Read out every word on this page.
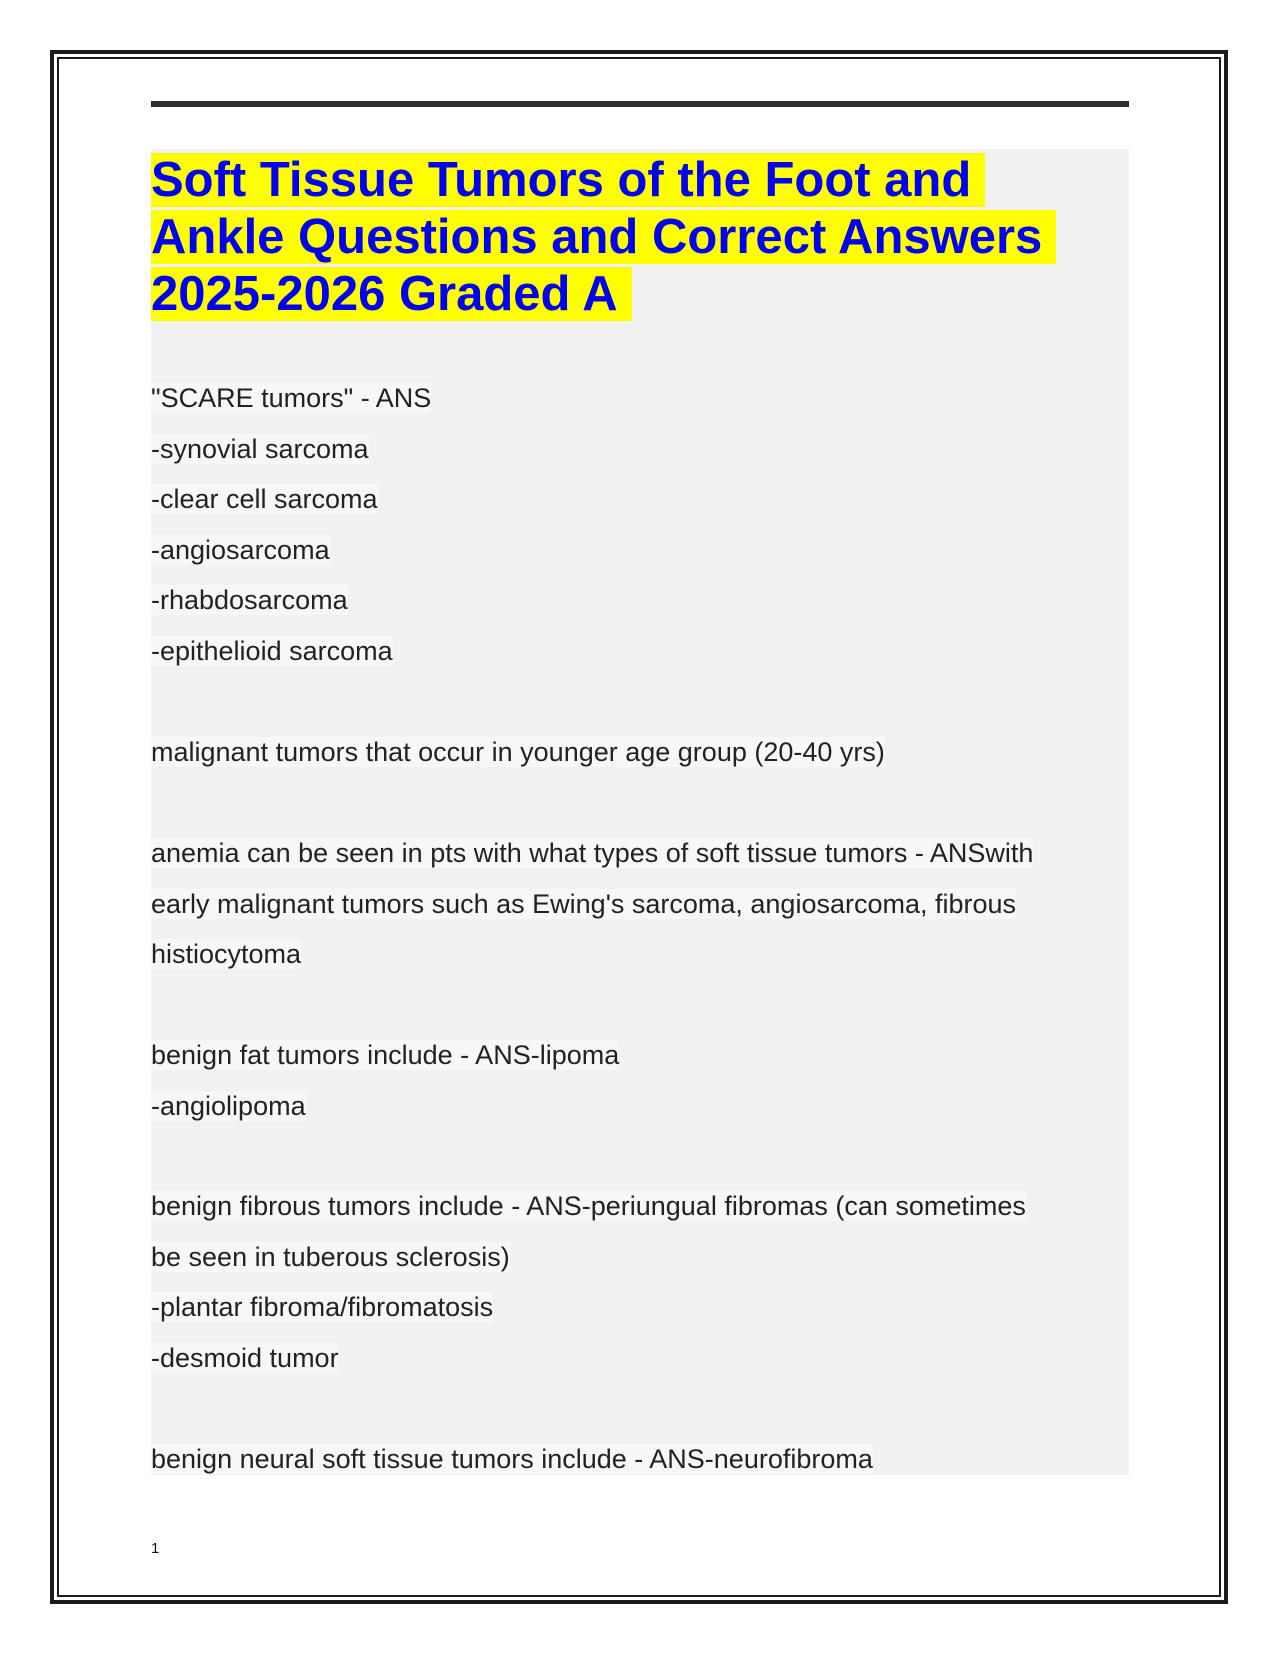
Soft Tissue Tumors of the Foot and
Ankle Questions and Correct Answers
2025-2026 Graded A
"SCARE tumors" - ANS
-synovial sarcoma
-clear cell sarcoma
-angiosarcoma
-rhabdosarcoma
-epithelioid sarcoma
malignant tumors that occur in younger age group (20-40 yrs)
anemia can be seen in pts with what types of soft tissue tumors - ANSwith
early malignant tumors such as Ewing's sarcoma, angiosarcoma, fibrous
histiocytoma
benign fat tumors include - ANS-lipoma
-angiolipoma
benign fibrous tumors include - ANS-periungual fibromas (can sometimes
be seen in tuberous sclerosis)
-plantar fibroma/fibromatosis
-desmoid tumor
benign neural soft tissue tumors include - ANS-neurofibroma
1
